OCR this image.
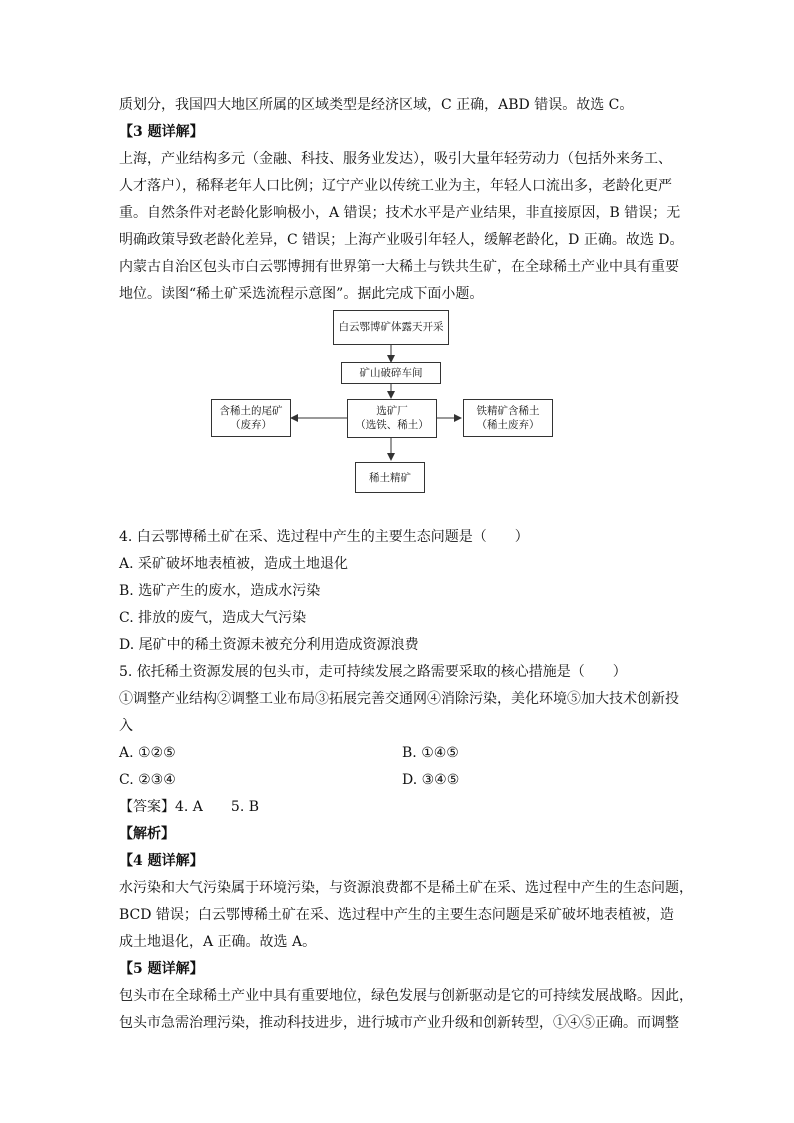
质划分，我国四大地区所属的区域类型是经济区域，C 正确，ABD 错误。故选 C。
【3 题详解】
上海，产业结构多元（金融、科技、服务业发达），吸引大量年轻劳动力（包括外来务工、
人才落户），稀释老年人口比例；辽宁产业以传统工业为主，年轻人口流出多，老龄化更严
重。自然条件对老龄化影响极小，A 错误；技术水平是产业结果，非直接原因，B 错误；无
明确政策导致老龄化差异，C 错误；上海产业吸引年轻人，缓解老龄化，D 正确。故选 D。
内蒙古自治区包头市白云鄂博拥有世界第一大稀土与铁共生矿，在全球稀土产业中具有重要
地位。读图“稀土矿采选流程示意图”。据此完成下面小题。
白云鄂博矿体露天开采
矿山破碎车间
选矿厂
（选铁、稀土）
含稀土的尾矿
（废弃）
铁精矿含稀土
（稀土废弃）
稀土精矿
4. 白云鄂博稀土矿在采、选过程中产生的主要生态问题是（　　）
A. 采矿破坏地表植被，造成土地退化
B. 选矿产生的废水，造成水污染
C. 排放的废气，造成大气污染
D. 尾矿中的稀土资源未被充分利用造成资源浪费
5. 依托稀土资源发展的包头市，走可持续发展之路需要采取的核心措施是（　　）
①调整产业结构②调整工业布局③拓展完善交通网④消除污染，美化环境⑤加大技术创新投
入
A. ①②⑤	B. ①④⑤
C. ②③④	D. ③④⑤
【答案】4. A　　5. B
【解析】
【4 题详解】
水污染和大气污染属于环境污染，与资源浪费都不是稀土矿在采、选过程中产生的生态问题，
BCD 错误；白云鄂博稀土矿在采、选过程中产生的主要生态问题是采矿破坏地表植被，造
成土地退化，A 正确。故选 A。
【5 题详解】
包头市在全球稀土产业中具有重要地位，绿色发展与创新驱动是它的可持续发展战略。因此，
包头市急需治理污染，推动科技进步，进行城市产业升级和创新转型，①④⑤正确。而调整
